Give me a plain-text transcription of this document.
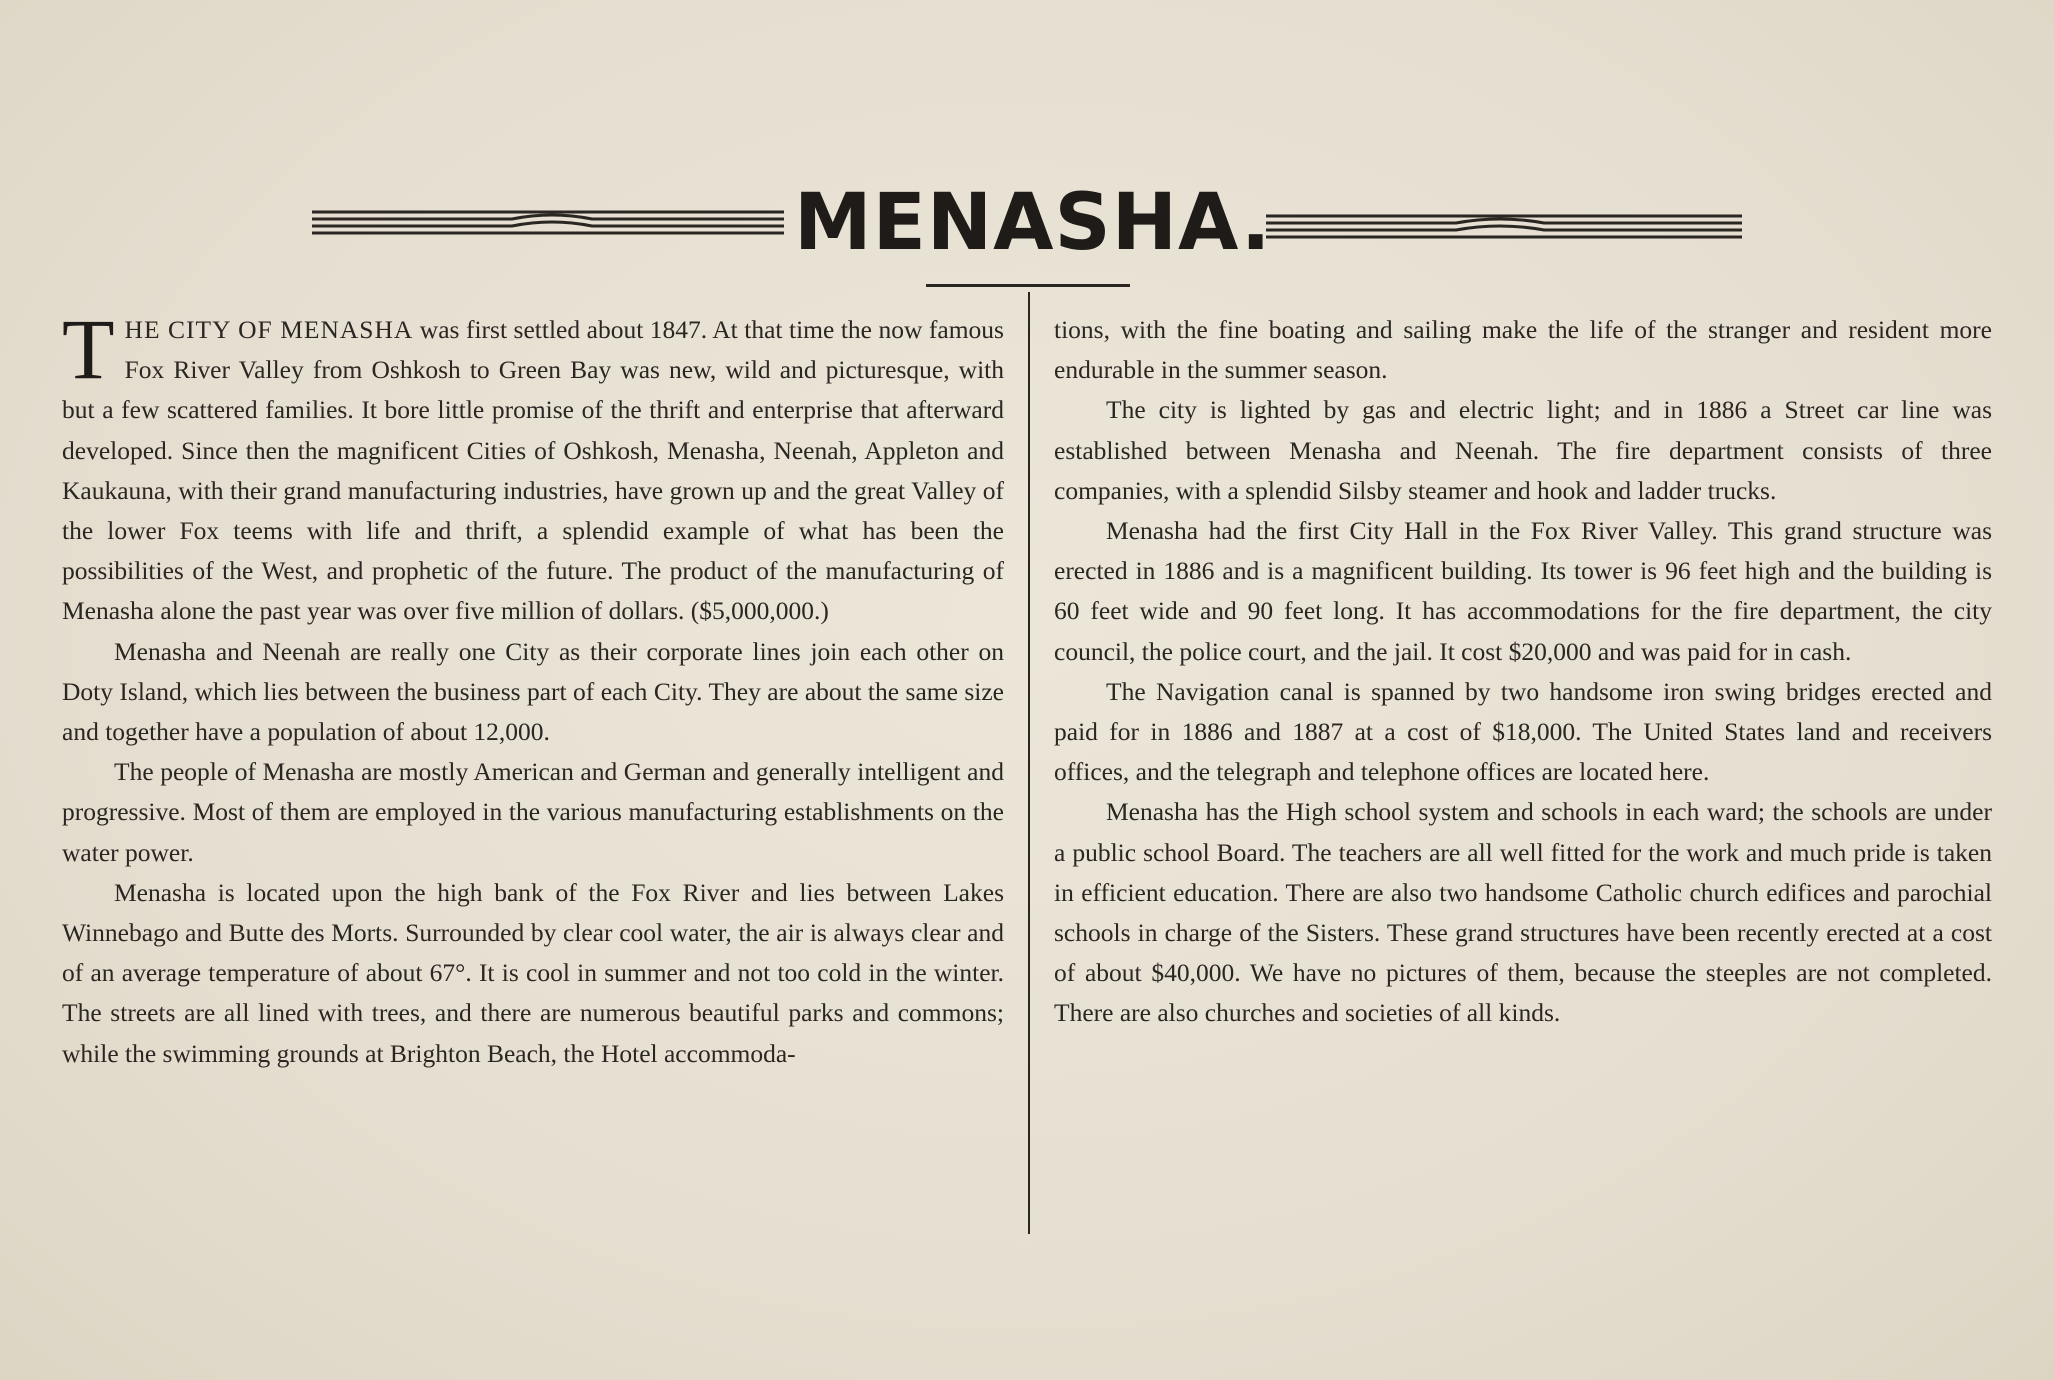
MENASHA.

THE CITY OF MENASHA was first settled about 1847. At that time the now famous Fox River Valley from Oshkosh to Green Bay was new, wild and picturesque, with but a few scattered families. It bore little promise of the thrift and enterprise that afterward developed. Since then the magnificent Cities of Oshkosh, Menasha, Neenah, Appleton and Kaukauna, with their grand manufacturing industries, have grown up and the great Valley of the lower Fox teems with life and thrift, a splendid example of what has been the possibilities of the West, and prophetic of the future. The product of the manufacturing of Menasha alone the past year was over five million of dollars. ($5,000,000.)

Menasha and Neenah are really one City as their corporate lines join each other on Doty Island, which lies between the business part of each City. They are about the same size and together have a population of about 12,000.

The people of Menasha are mostly American and German and generally intelligent and progressive. Most of them are employed in the various manufacturing establishments on the water power.

Menasha is located upon the high bank of the Fox River and lies between Lakes Winnebago and Butte des Morts. Surrounded by clear cool water, the air is always clear and of an average temperature of about 67°. It is cool in summer and not too cold in the winter. The streets are all lined with trees, and there are numerous beautiful parks and commons; while the swimming grounds at Brighton Beach, the Hotel accommoda-

tions, with the fine boating and sailing make the life of the stranger and resident more endurable in the summer season.

The city is lighted by gas and electric light; and in 1886 a Street car line was established between Menasha and Neenah. The fire department consists of three companies, with a splendid Silsby steamer and hook and ladder trucks.

Menasha had the first City Hall in the Fox River Valley. This grand structure was erected in 1886 and is a magnificent building. Its tower is 96 feet high and the building is 60 feet wide and 90 feet long. It has accommodations for the fire department, the city council, the police court, and the jail. It cost $20,000 and was paid for in cash.

The Navigation canal is spanned by two handsome iron swing bridges erected and paid for in 1886 and 1887 at a cost of $18,000. The United States land and receivers offices, and the telegraph and telephone offices are located here.

Menasha has the High school system and schools in each ward; the schools are under a public school Board. The teachers are all well fitted for the work and much pride is taken in efficient education. There are also two handsome Catholic church edifices and parochial schools in charge of the Sisters. These grand structures have been recently erected at a cost of about $40,000. We have no pictures of them, because the steeples are not completed. There are also churches and societies of all kinds.
